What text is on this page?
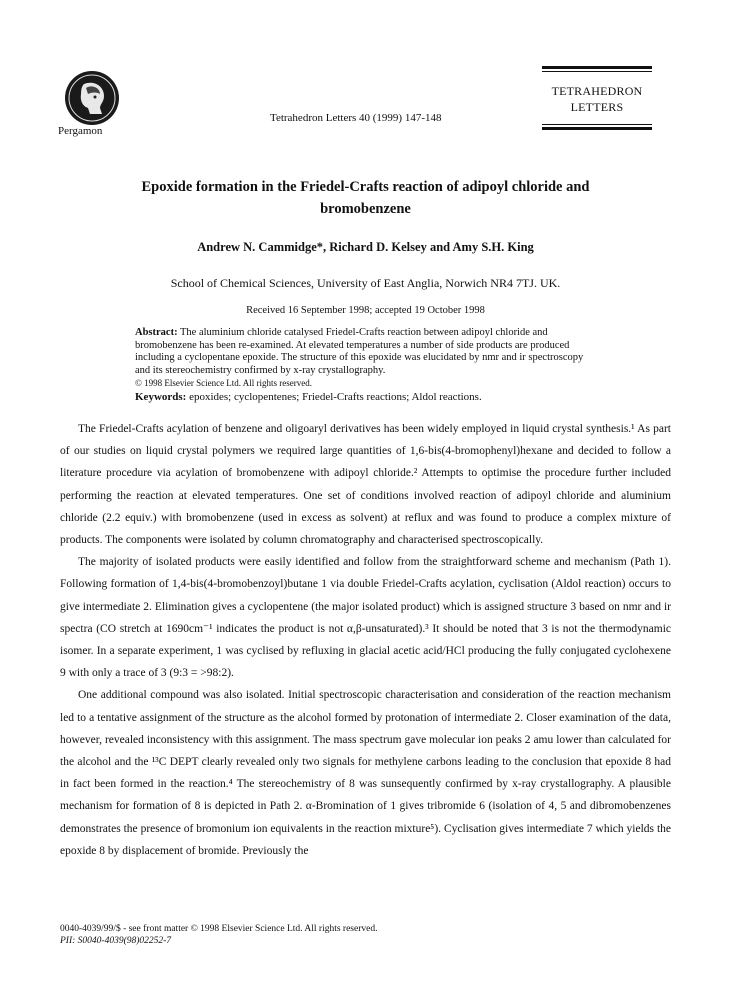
Pergamon
Tetrahedron Letters 40 (1999) 147-148
TETRAHEDRON
LETTERS
Epoxide formation in the Friedel-Crafts reaction of adipoyl chloride and
bromobenzene
Andrew N. Cammidge*, Richard D. Kelsey and Amy S.H. King
School of Chemical Sciences, University of East Anglia, Norwich NR4 7TJ. UK.
Received 16 September 1998; accepted 19 October 1998
Abstract: The aluminium chloride catalysed Friedel-Crafts reaction between adipoyl chloride and bromobenzene has been re-examined. At elevated temperatures a number of side products are produced including a cyclopentane epoxide. The structure of this epoxide was elucidated by nmr and ir spectroscopy and its stereochemistry confirmed by x-ray crystallography.
© 1998 Elsevier Science Ltd. All rights reserved.
Keywords: epoxides; cyclopentenes; Friedel-Crafts reactions; Aldol reactions.

The Friedel-Crafts acylation of benzene and oligoaryl derivatives has been widely employed in liquid crystal synthesis.¹ As part of our studies on liquid crystal polymers we required large quantities of 1,6-bis(4-bromophenyl)hexane and decided to follow a literature procedure via acylation of bromobenzene with adipoyl chloride.² Attempts to optimise the procedure further included performing the reaction at elevated temperatures. One set of conditions involved reaction of adipoyl chloride and aluminium chloride (2.2 equiv.) with bromobenzene (used in excess as solvent) at reflux and was found to produce a complex mixture of products. The components were isolated by column chromatography and characterised spectroscopically.

The majority of isolated products were easily identified and follow from the straightforward scheme and mechanism (Path 1). Following formation of 1,4-bis(4-bromobenzoyl)butane 1 via double Friedel-Crafts acylation, cyclisation (Aldol reaction) occurs to give intermediate 2. Elimination gives a cyclopentene (the major isolated product) which is assigned structure 3 based on nmr and ir spectra (CO stretch at 1690cm⁻¹ indicates the product is not α,β-unsaturated).³ It should be noted that 3 is not the thermodynamic isomer. In a separate experiment, 1 was cyclised by refluxing in glacial acetic acid/HCl producing the fully conjugated cyclohexene 9 with only a trace of 3 (9:3 = >98:2).

One additional compound was also isolated. Initial spectroscopic characterisation and consideration of the reaction mechanism led to a tentative assignment of the structure as the alcohol formed by protonation of intermediate 2. Closer examination of the data, however, revealed inconsistency with this assignment. The mass spectrum gave molecular ion peaks 2 amu lower than calculated for the alcohol and the ¹³C DEPT clearly revealed only two signals for methylene carbons leading to the conclusion that epoxide 8 had in fact been formed in the reaction.⁴ The stereochemistry of 8 was sunsequently confirmed by x-ray crystallography. A plausible mechanism for formation of 8 is depicted in Path 2. α-Bromination of 1 gives tribromide 6 (isolation of 4, 5 and dibromobenzenes demonstrates the presence of bromonium ion equivalents in the reaction mixture⁵). Cyclisation gives intermediate 7 which yields the epoxide 8 by displacement of bromide. Previously the

0040-4039/99/$ - see front matter © 1998 Elsevier Science Ltd. All rights reserved.
PII: S0040-4039(98)02252-7
